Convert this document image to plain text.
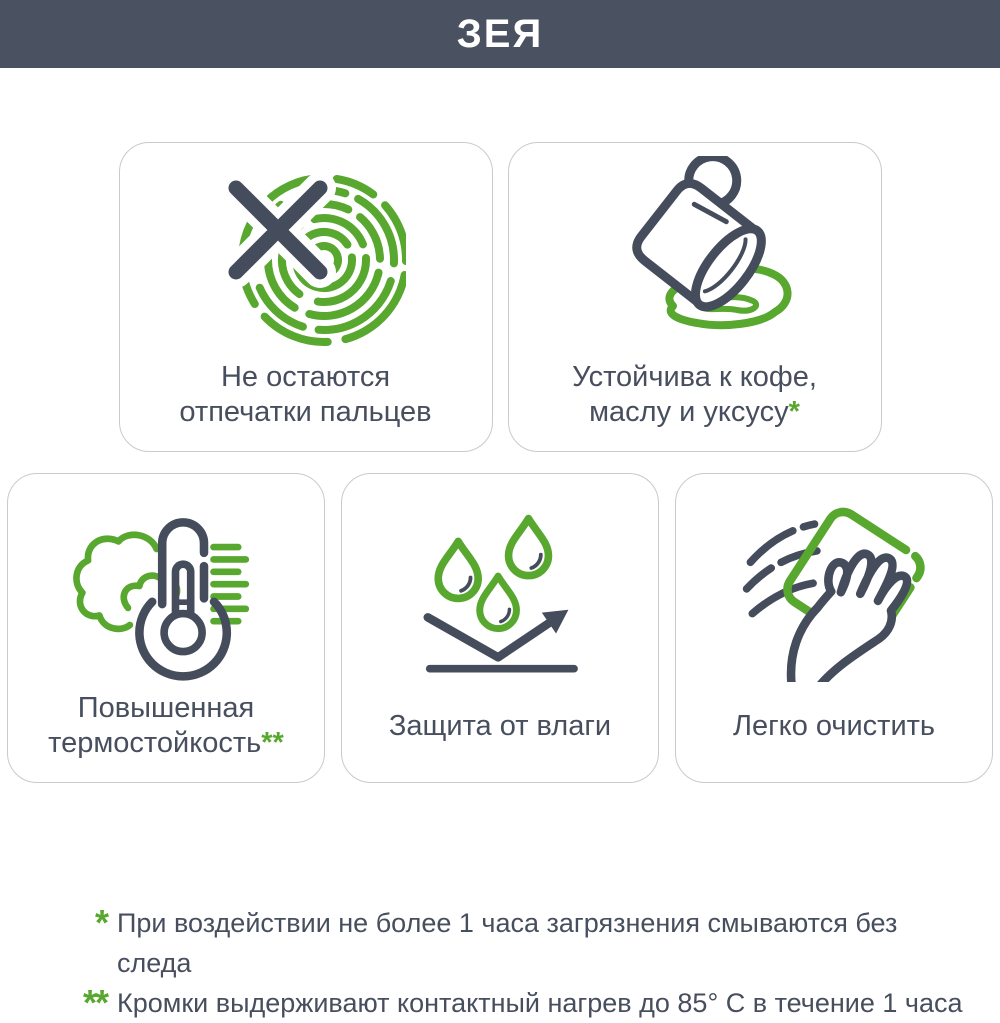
ЗЕЯ
Не остаются
отпечатки пальцев
Устойчива к кофе,
маслу и уксусу*
Повышенная
термостойкость**
Защита от влаги	Легко очистить
* При воздействии не более 1 часа загрязнения смываются без следа
** Кромки выдерживают контактный нагрев до 85° C в течение 1 часа
